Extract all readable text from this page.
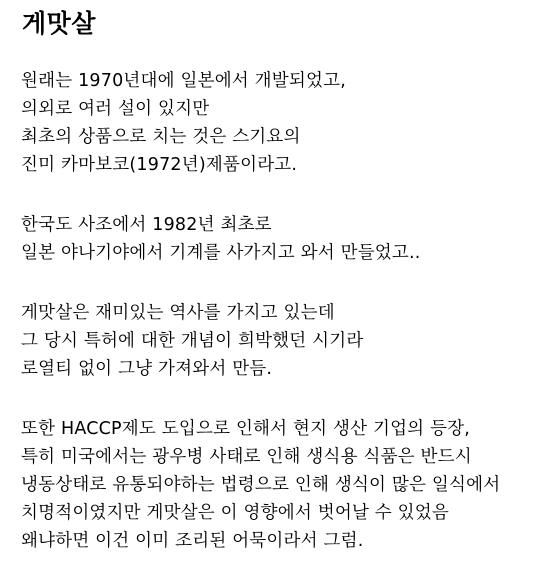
게맛살
원래는 1970년대에 일본에서 개발되었고,
의외로 여러 설이 있지만
최초의 상품으로 치는 것은 스기요의
진미 카마보코(1972년)제품이라고.
한국도 사조에서 1982년 최초로
일본 야나기야에서 기계를 사가지고 와서 만들었고..
게맛살은 재미있는 역사를 가지고 있는데
그 당시 특허에 대한 개념이 희박했던 시기라
로열티 없이 그냥 가져와서 만듬.
또한 HACCP제도 도입으로 인해서 현지 생산 기업의 등장,
특히 미국에서는 광우병 사태로 인해 생식용 식품은 반드시
냉동상태로 유통되야하는 법령으로 인해 생식이 많은 일식에서
치명적이였지만 게맛살은 이 영향에서 벗어날 수 있었음
왜냐하면 이건 이미 조리된 어묵이라서 그럼.
